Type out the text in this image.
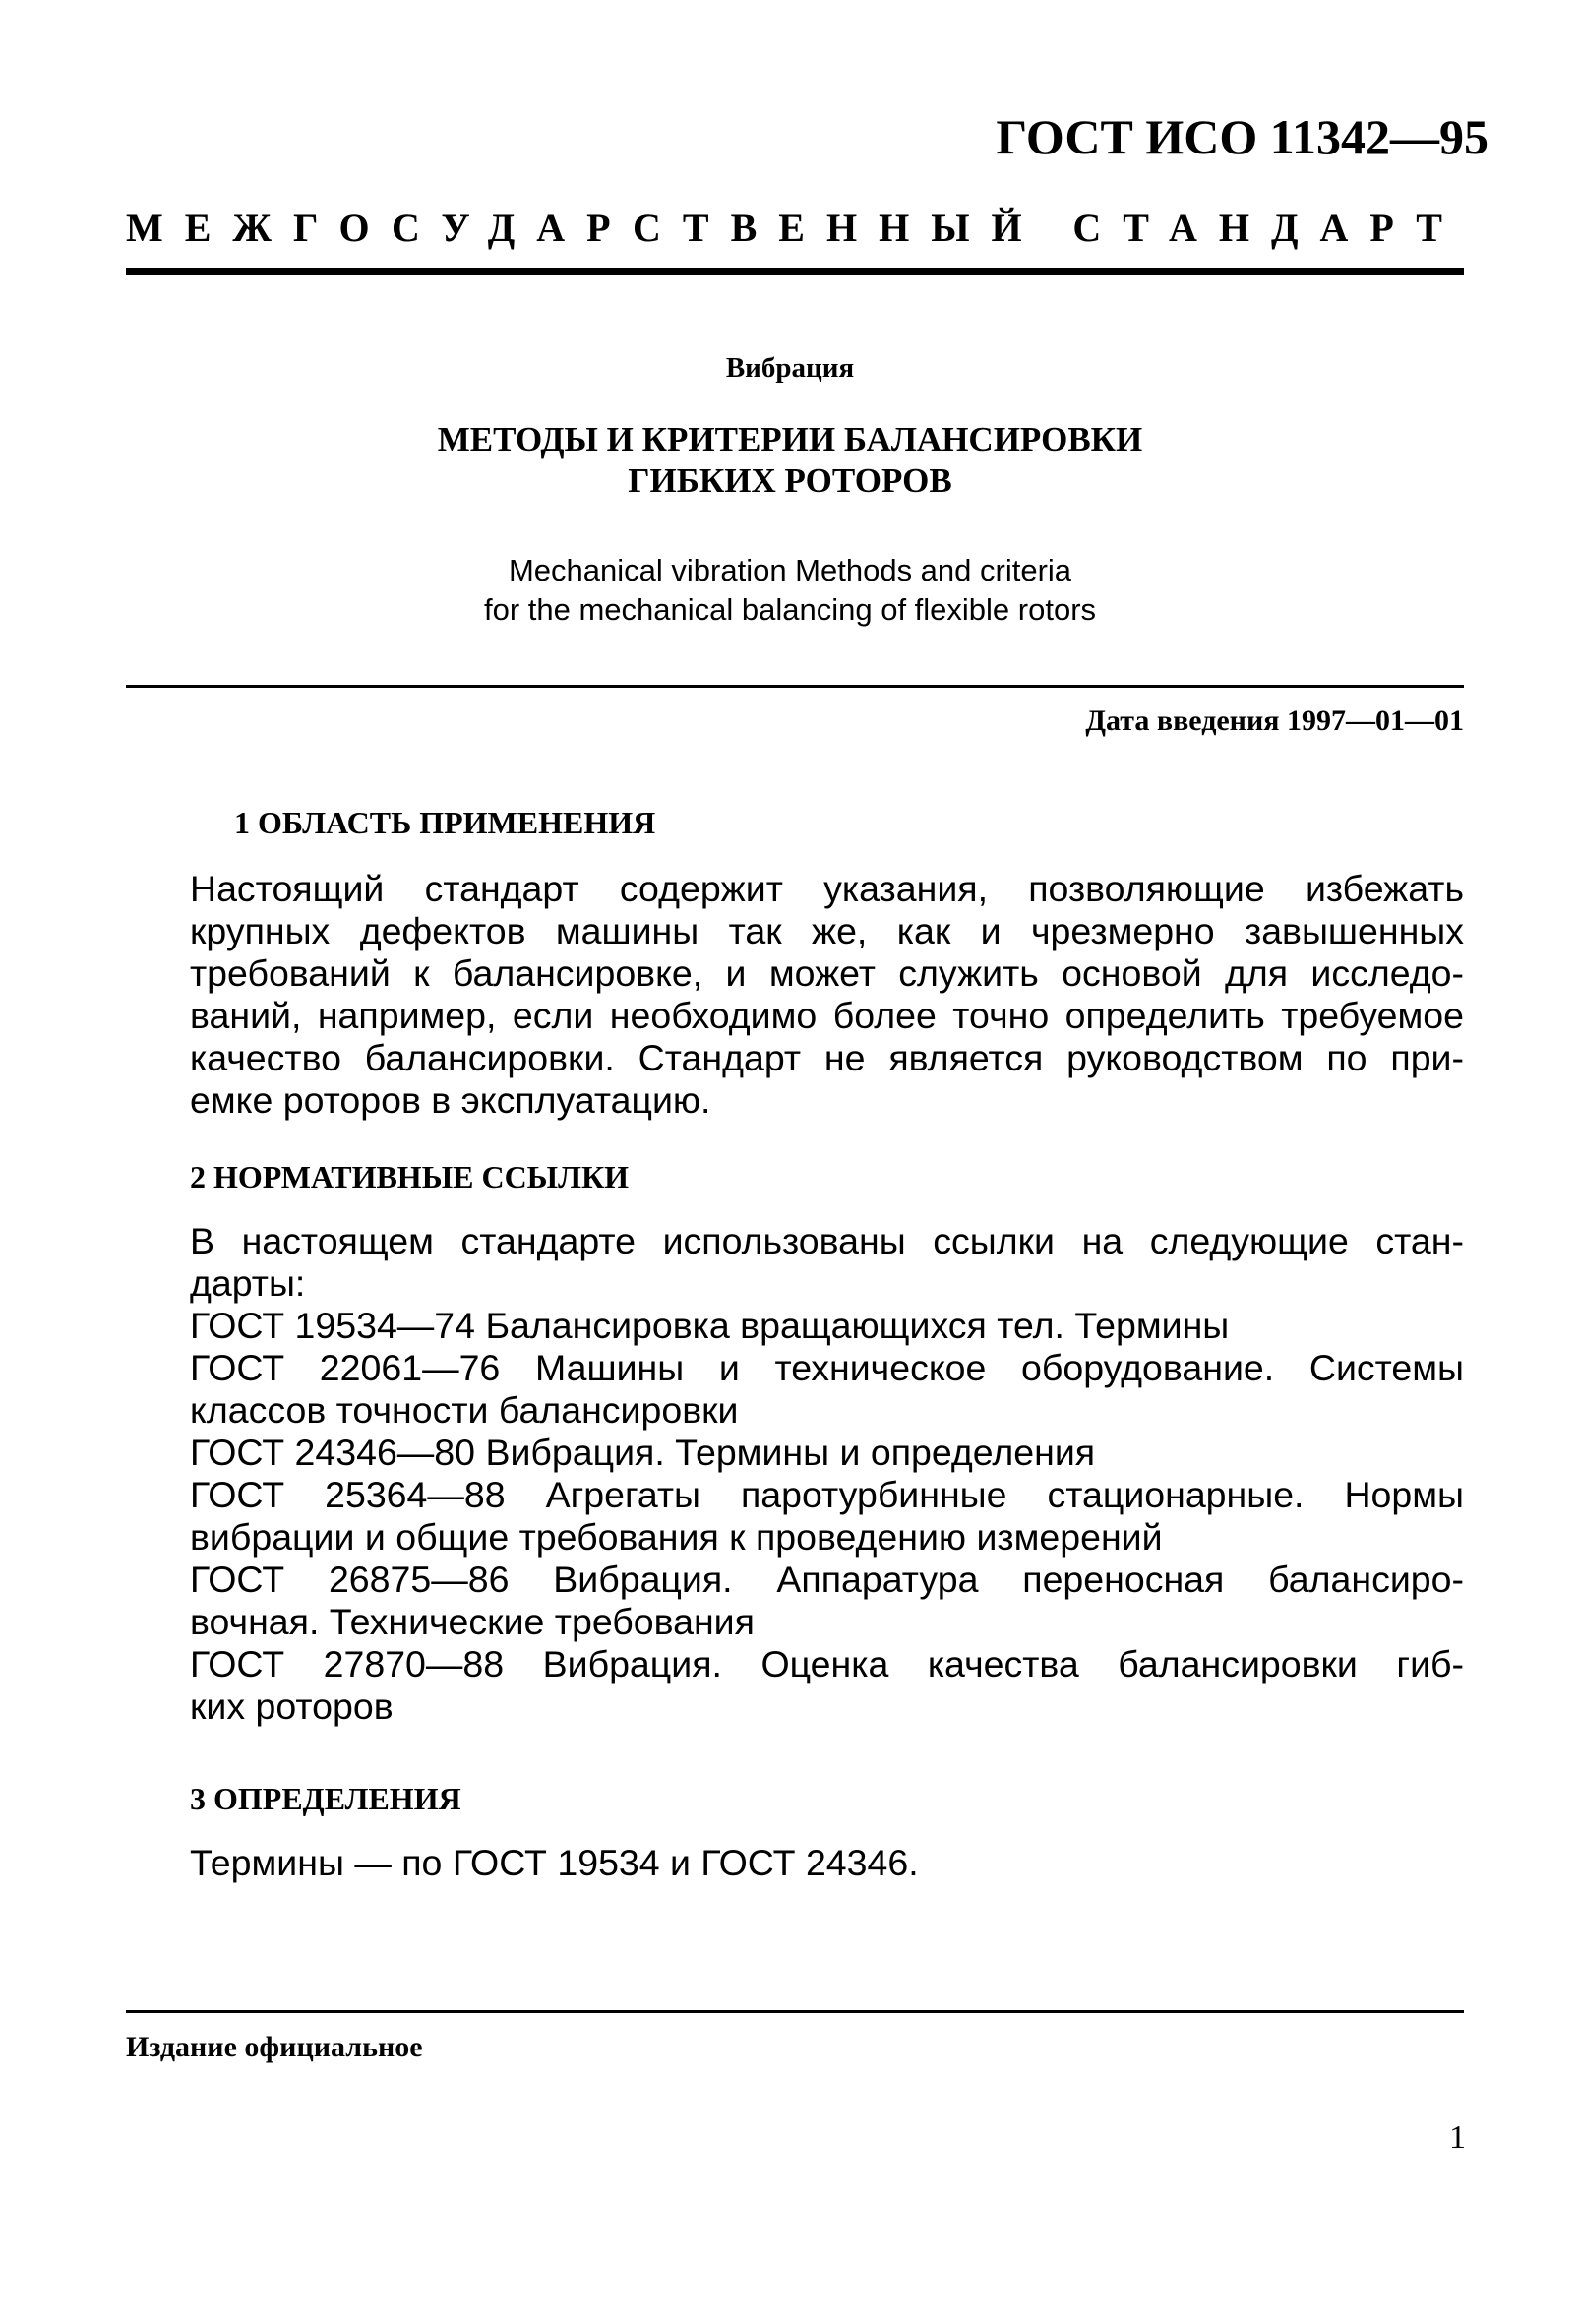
ГОСТ ИСО 11342—95
МЕЖГОСУДАРСТВЕННЫЙ СТАНДАРТ
Вибрация
МЕТОДЫ И КРИТЕРИИ БАЛАНСИРОВКИ
ГИБКИХ РОТОРОВ
Mechanical vibration Methods and criteria
for the mechanical balancing of flexible rotors
Дата введения 1997—01—01
1 ОБЛАСТЬ ПРИМЕНЕНИЯ
Настоящий стандарт содержит указания, позволяющие избежать
крупных дефектов машины так же, как и чрезмерно завышенных
требований к балансировке, и может служить основой для исследо-
ваний, например, если необходимо более точно определить требуемое
качество балансировки. Стандарт не является руководством по при-
емке роторов в эксплуатацию.
2 НОРМАТИВНЫЕ ССЫЛКИ
В настоящем стандарте использованы ссылки на следующие стан-
дарты:
ГОСТ 19534—74 Балансировка вращающихся тел. Термины
ГОСТ 22061—76 Машины и техническое оборудование. Системы
классов точности балансировки
ГОСТ 24346—80 Вибрация. Термины и определения
ГОСТ 25364—88 Агрегаты паротурбинные стационарные. Нормы
вибрации и общие требования к проведению измерений
ГОСТ 26875—86 Вибрация. Аппаратура переносная балансиро-
вочная. Технические требования
ГОСТ 27870—88 Вибрация. Оценка качества балансировки гиб-
ких роторов
3 ОПРЕДЕЛЕНИЯ
Термины — по ГОСТ 19534 и ГОСТ 24346.
Издание официальное
1
